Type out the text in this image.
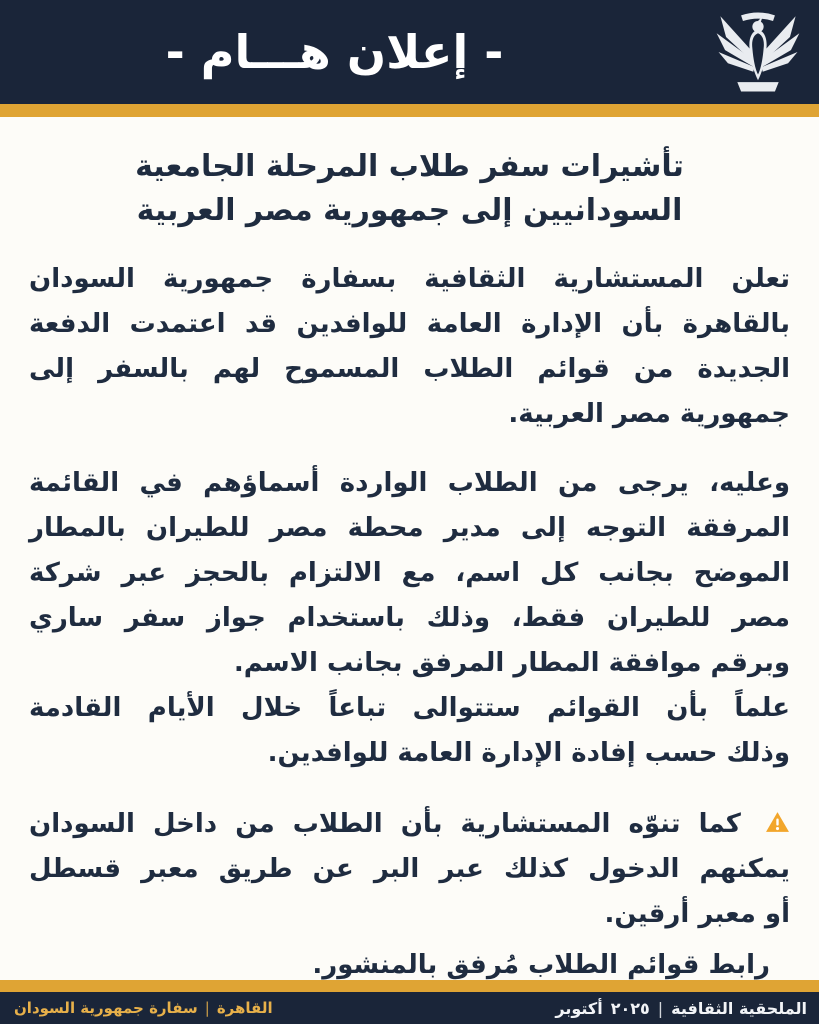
- إعلان هـــام -
تأشيرات سفر طلاب المرحلة الجامعية
السودانيين إلى جمهورية مصر العربية
تعلن المستشارية الثقافية بسفارة جمهورية السودان
بالقاهرة بأن الإدارة العامة للوافدين قد اعتمدت الدفعة
الجديدة من قوائم الطلاب المسموح لهم بالسفر إلى
جمهورية مصر العربية.
وعليه، يرجى من الطلاب الواردة أسماؤهم في القائمة
المرفقة التوجه إلى مدير محطة مصر للطيران بالمطار
الموضح بجانب كل اسم، مع الالتزام بالحجز عبر شركة
مصر للطيران فقط، وذلك باستخدام جواز سفر ساري
وبرقم موافقة المطار المرفق بجانب الاسم.
علماً بأن القوائم ستتوالى تباعاً خلال الأيام القادمة
وذلك حسب إفادة الإدارة العامة للوافدين.
كما تنوّه المستشارية بأن الطلاب من داخل السودان
يمكنهم الدخول كذلك عبر البر عن طريق معبر قسطل
أو معبر أرقين.
رابط قوائم الطلاب مُرفق بالمنشور.
سفارة جمهورية السودان | القاهرة	أكتوبر ٢٠٢٥ | الملحقية الثقافية
